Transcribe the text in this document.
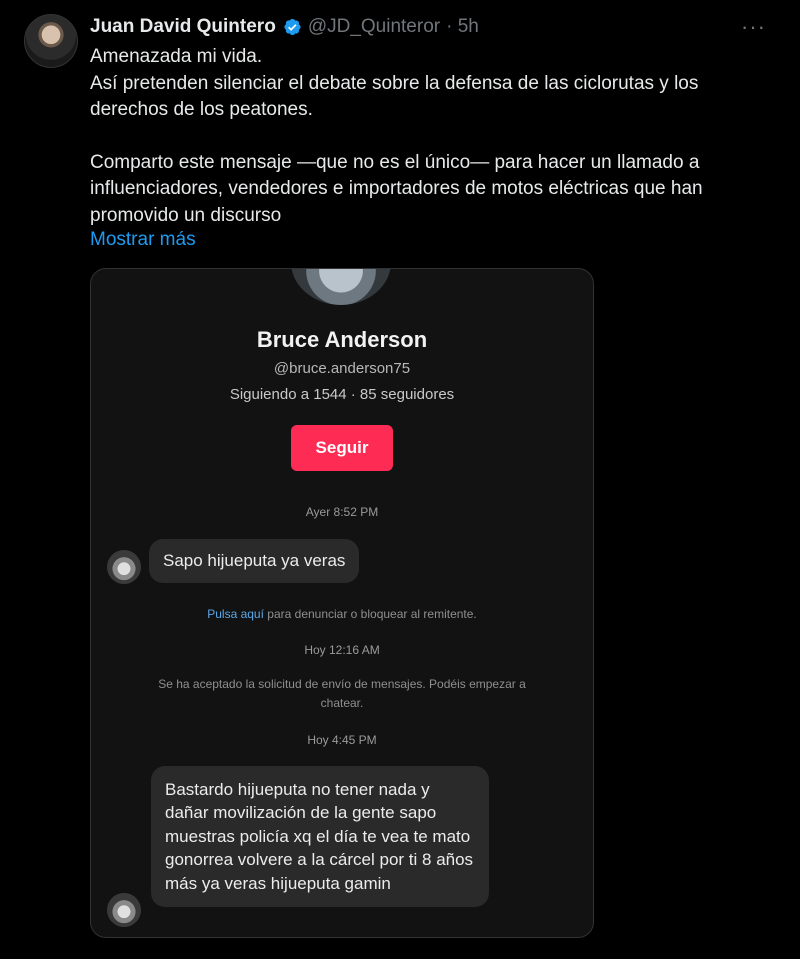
Juan David Quintero @JD_Quinteror · 5h	···

Amenazada mi vida.

Así pretenden silenciar el debate sobre la defensa de las ciclorutas y los derechos de los peatones.

Comparto este mensaje —que no es el único— para hacer un llamado a influenciadores, vendedores e importadores de motos eléctricas que han promovido un discurso

Mostrar más
Bruce Anderson
@bruce.anderson75
Siguiendo a 1544 · 85 seguidores
Seguir
Ayer 8:52 PM
Sapo hijueputa ya veras
Pulsa aquí para denunciar o bloquear al remitente.
Hoy 12:16 AM
Se ha aceptado la solicitud de envío de mensajes. Podéis empezar a chatear.
Hoy 4:45 PM
Bastardo hijueputa no tener nada y dañar movilización de la gente sapo muestras policía xq el día te vea te mato gonorrea volvere a la cárcel por ti 8 años más ya veras hijueputa gamin
